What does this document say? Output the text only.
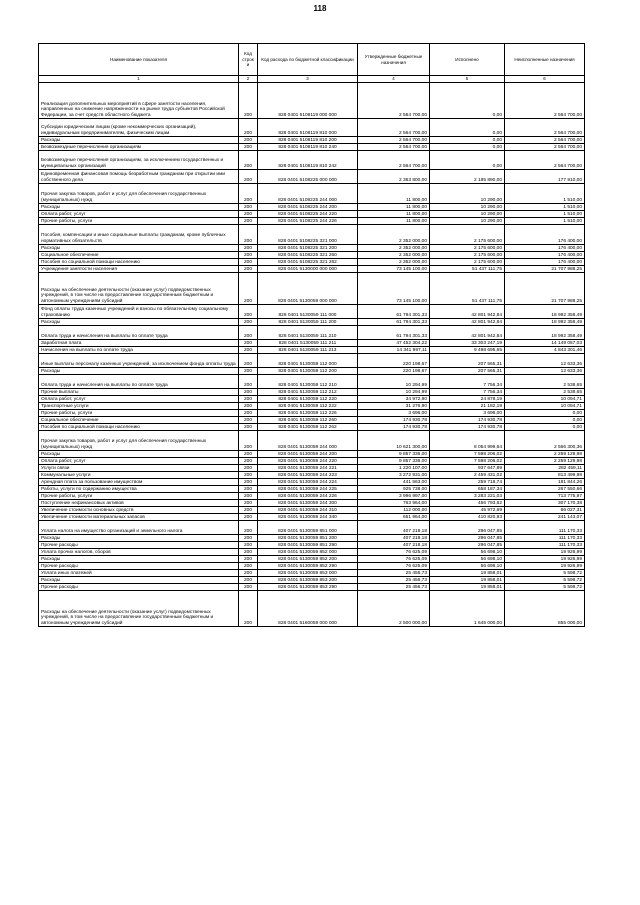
118
Наименование показателя	Код строк и	Код расхода по бюджетной классификации	Утвержденные бюджетные назначения	Исполнено	Неисполненные назначения
1	2	3	4	5	6
Реализация дополнительных мероприятий в сфере занятости населения, направленных на снижение напряженности на рынке труда субъектов Российской Федерации, за счет средств областного бюджета	200	828 0401 5108119 000 000	2 564 700,00	0,00	2 564 700,00
Субсидии юридическим лицам (кроме некоммерческих организаций), индивидуальным предпринимателям, физическим лицам	200	828 0401 5108119 810 000	2 564 700,00	0,00	2 564 700,00
Расходы	200	828 0401 5108119 810 200	2 564 700,00	0,00	2 564 700,00
Безвозмездные перечисления организациям	200	828 0401 5108119 810 240	2 564 700,00	0,00	2 564 700,00
Безвозмездные перечисления организациям, за исключением государственных и муниципальных организаций	200	828 0401 5108119 810 242	2 564 700,00	0,00	2 564 700,00
Единовременная финансовая помощь безработным гражданам при открытии ими собственного дела	200	828 0401 5108225 000 000	2 363 800,00	2 185 890,00	177 910,00
Прочая закупка товаров, работ и услуг для обеспечения государственных (муниципальных) нужд	200	828 0401 5108225 244 000	11 800,00	10 290,00	1 510,00
Расходы	200	828 0401 5108225 244 200	11 800,00	10 290,00	1 510,00
Оплата работ, услуг	200	828 0401 5108225 244 220	11 800,00	10 290,00	1 510,00
Прочие работы, услуги	200	828 0401 5108225 244 226	11 800,00	10 290,00	1 510,00
Пособия, компенсации и иные социальные выплаты гражданам, кроме публичных нормативных обязательств	200	828 0401 5108225 321 000	2 352 000,00	2 175 600,00	176 400,00
Расходы	200	828 0401 5108225 321 200	2 352 000,00	2 175 600,00	176 400,00
Социальное обеспечение	200	828 0401 5108225 321 260	2 352 000,00	2 175 600,00	176 400,00
Пособия по социальной помощи населению	200	828 0401 5108225 321 262	2 352 000,00	2 175 600,00	176 400,00
Учреждения занятости населения	200	828 0401 5130000 000 000	73 145 100,00	51 437 111,75	21 707 988,25
Расходы на обеспечение деятельности (оказание услуг) подведомственных учреждений, в том числе на предоставление государственным бюджетным и автономным учреждениям субсидий	200	828 0401 5130059 000 000	73 145 100,00	51 437 111,75	21 707 988,25
Фонд оплаты труда казенных учреждений и взносы по обязательному социальному страхованию	200	828 0401 5130059 111 000	61 794 301,33	42 801 942,84	18 992 358,49
Расходы	200	828 0401 5130059 111 200	61 794 301,33	42 801 942,84	18 992 358,49
Оплата труда и начисления на выплаты по оплате труда	200	828 0401 5130059 111 210	61 794 301,33	42 801 942,84	18 992 358,49
Заработная плата	200	828 0401 5130059 111 211	47 452 304,22	33 303 247,19	14 149 057,03
Начисления на выплаты по оплате труда	200	828 0401 5130059 111 213	14 341 997,11	9 498 695,65	4 843 301,46
Иные выплаты персоналу казенных учреждений, за исключением фонда оплаты труда	200	828 0401 5130059 112 000	220 198,67	207 565,31	12 633,36
Расходы	200	828 0401 5130059 112 200	220 198,67	207 565,31	12 633,36
Оплата труда и начисления на выплаты по оплате труда	200	828 0401 5130059 112 210	10 294,99	7 756,34	2 538,65
Прочие выплаты	200	828 0401 5130059 112 212	10 294,99	7 756,34	2 538,65
Оплата работ, услуг	200	828 0401 5130059 112 220	34 972,90	24 878,19	10 094,71
Транспортные услуги	200	828 0401 5130059 112 222	31 276,90	21 182,19	10 094,71
Прочие работы, услуги	200	828 0401 5130059 112 226	3 696,00	3 696,00	0,00
Социальное обеспечение	200	828 0401 5130059 112 260	174 930,78	174 930,78	0,00
Пособия по социальной помощи населению	200	828 0401 5130059 112 262	174 930,78	174 930,78	0,00
Прочая закупка товаров, работ и услуг для обеспечения государственных (муниципальных) нужд	200	828 0401 5130059 244 000	10 621 300,00	8 054 999,64	2 566 300,36
Расходы	200	828 0401 5130059 244 200	9 857 336,00	7 598 206,02	2 259 129,98
Оплата работ, услуг	200	828 0401 5130059 244 220	9 857 336,00	7 598 206,02	2 259 129,98
Услуги связи	200	828 0401 5130059 244 221	1 220 107,00	937 647,89	282 459,11
Коммунальные услуги	200	828 0401 5130059 244 223	3 272 931,00	2 459 431,02	813 499,98
Арендная плата за пользование имуществом	200	828 0401 5130059 244 224	441 563,00	259 718,74	181 844,26
Работы, услуги по содержанию имущества	200	828 0401 5130059 244 225	925 738,00	658 187,34	267 550,66
Прочие работы, услуги	200	828 0401 5130059 244 226	3 996 997,00	3 283 221,03	713 775,97
Поступление нефинансовых активов	200	828 0401 5130059 244 300	763 964,00	456 793,62	307 170,38
Увеличение стоимости основных средств	200	828 0401 5130059 244 310	112 000,00	45 972,69	66 027,31
Увеличение стоимости материальных запасов	200	828 0401 5130059 244 340	651 964,00	410 820,93	241 143,07
Уплата налога на имущество организаций и земельного налога	200	828 0401 5130059 851 000	407 218,18	296 047,85	111 170,33
Расходы	200	828 0401 5130059 851 200	407 218,18	296 047,85	111 170,33
Прочие расходы	200	828 0401 5130059 851 290	407 218,18	296 047,85	111 170,33
Уплата прочих налогов, сборов	200	828 0401 5130059 852 000	76 625,09	56 698,10	19 926,99
Расходы	200	828 0401 5130059 852 200	76 625,09	56 698,10	19 926,99
Прочие расходы	200	828 0401 5130059 852 290	76 625,09	56 698,10	19 926,99
Уплата иных платежей	200	828 0401 5130059 853 000	25 456,73	19 858,01	5 598,72
Расходы	200	828 0401 5130059 853 200	25 456,73	19 858,01	5 598,72
Прочие расходы	200	828 0401 5130059 853 290	25 456,73	19 858,01	5 598,72
Расходы на обеспечение деятельности (оказание услуг) подведомственных учреждений, в том числе на предоставление государственным бюджетным и автономным учреждениям субсидий	200	828 0401 5160059 000 000	2 500 000,00	1 645 000,00	855 000,00
